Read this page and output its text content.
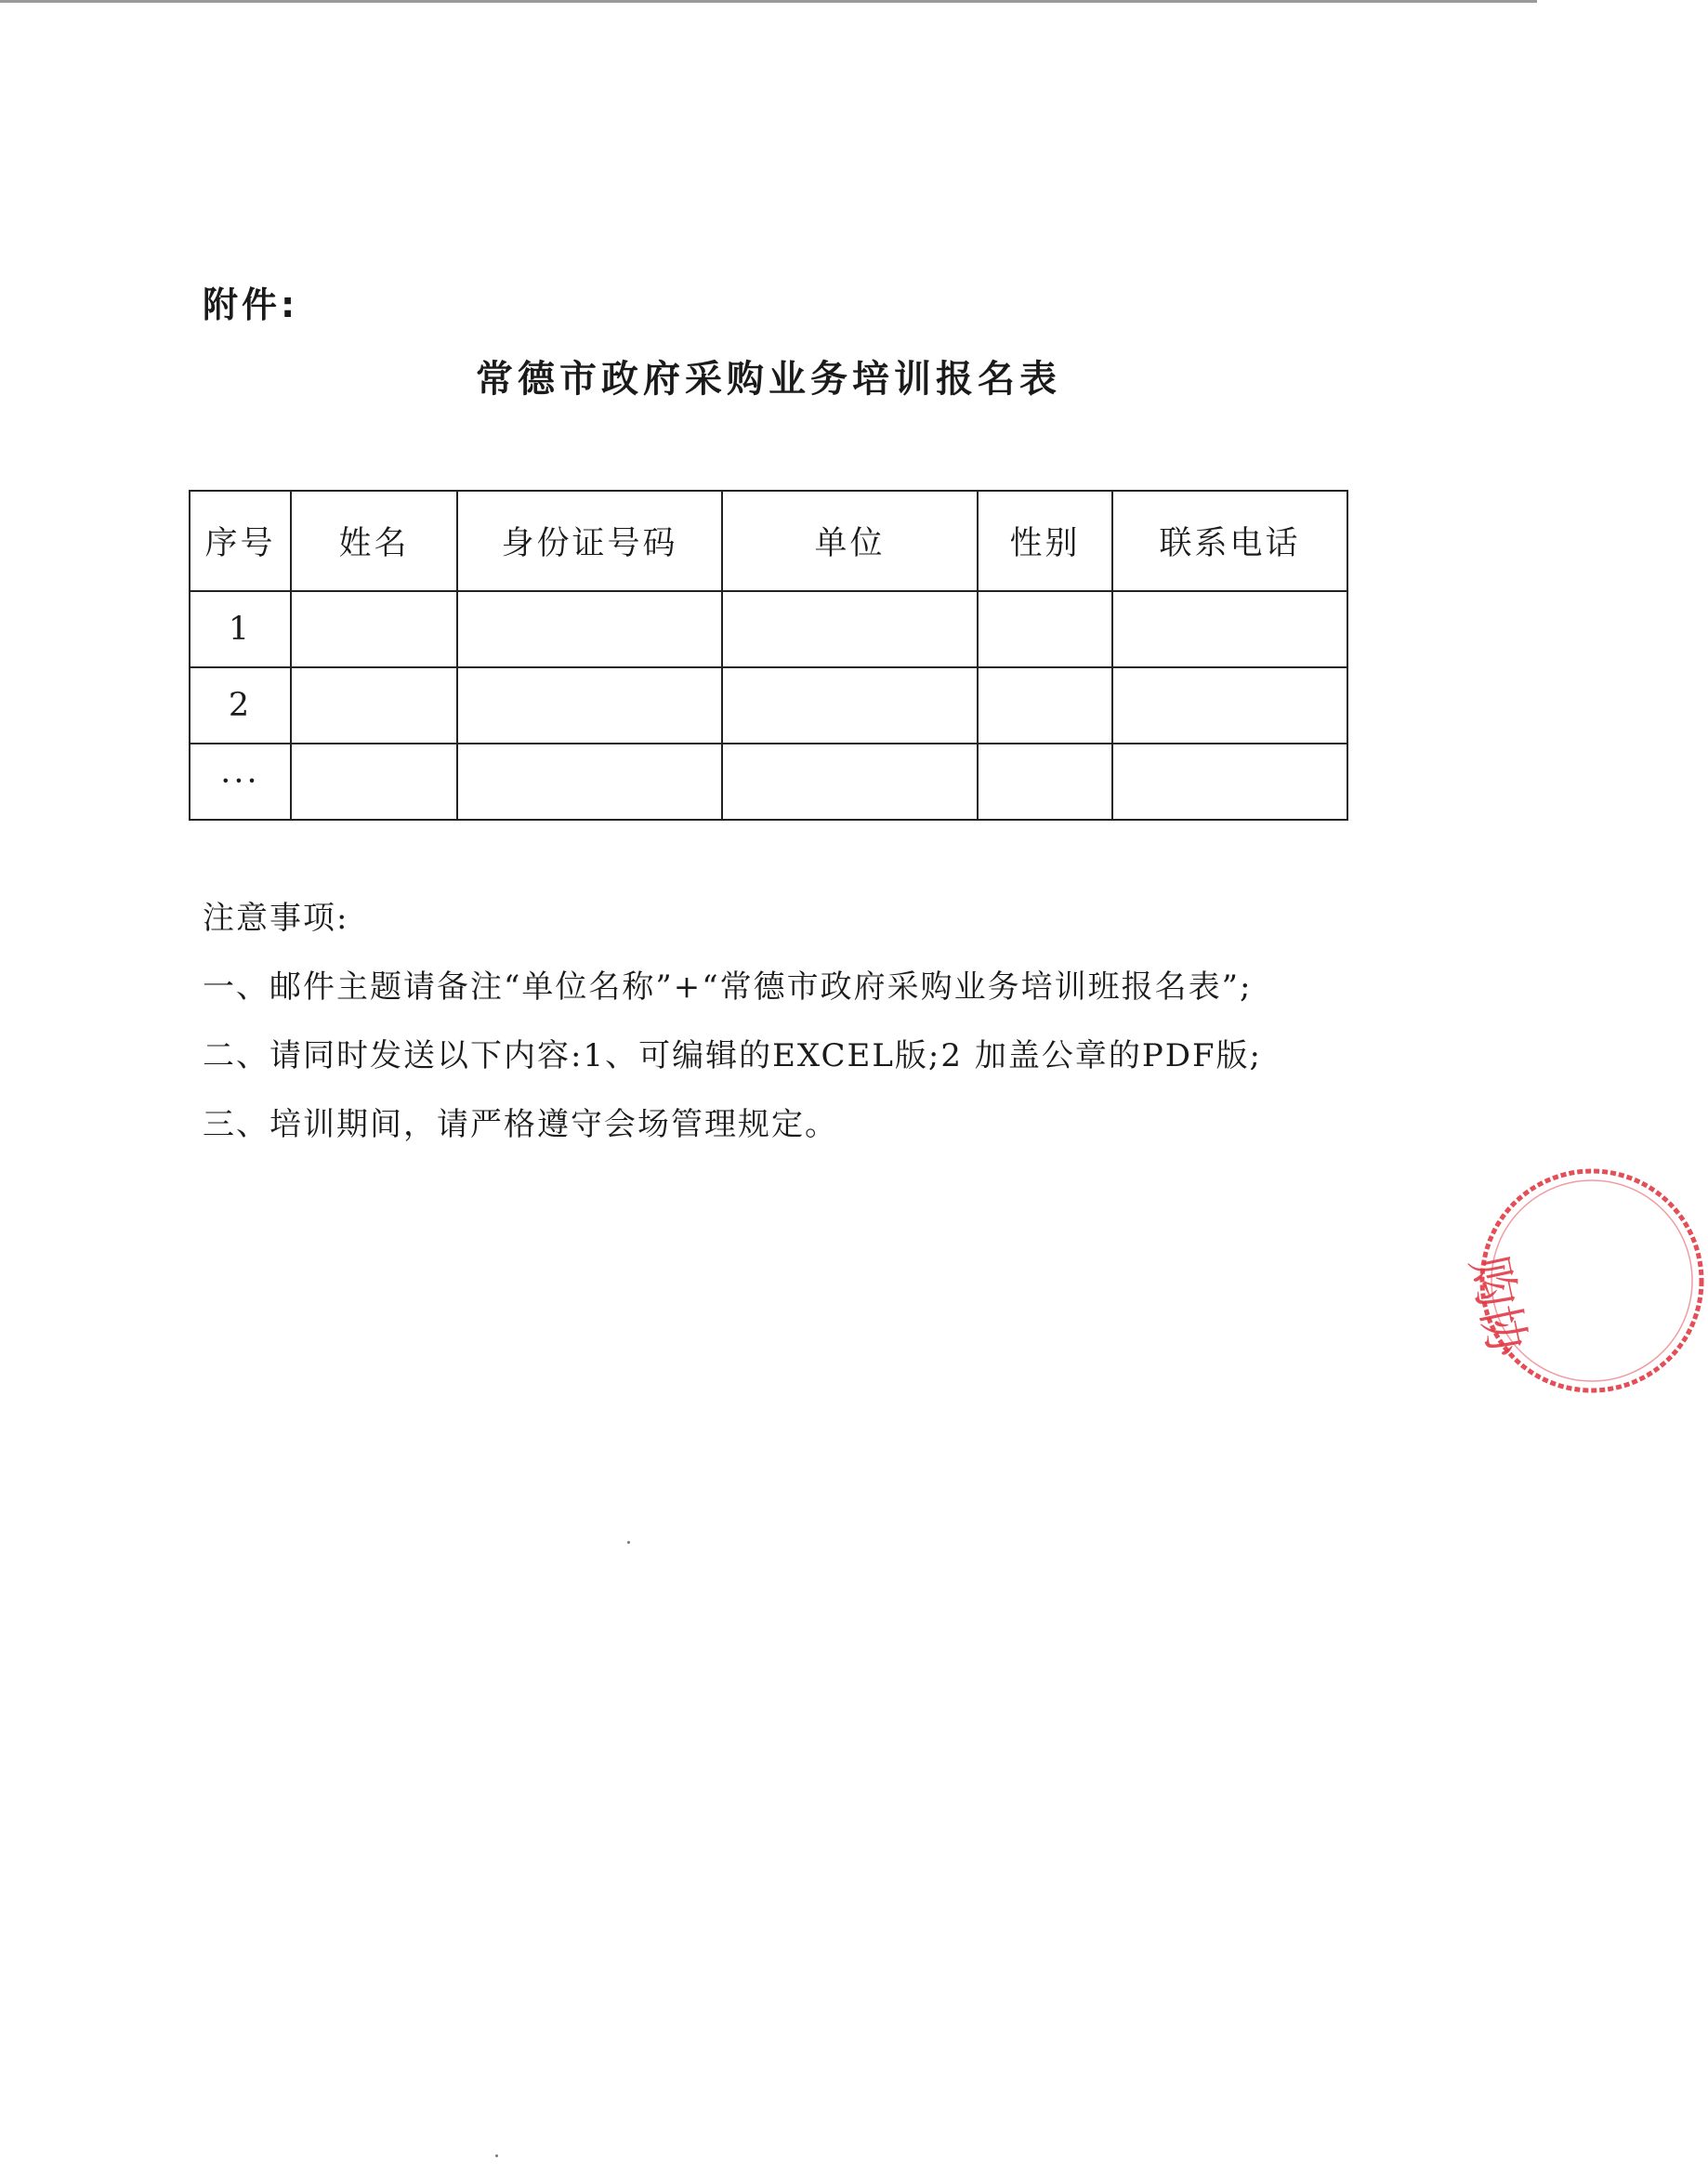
附件:
常德市政府采购业务培训报名表
序号	姓名	身份证号码	单位	性别	联系电话
1					
2					
···					
注意事项:
一、邮件主题请备注“单位名称”+“常德市政府采购业务培训班报名表”;
二、请同时发送以下内容:1、可编辑的EXCEL版;2 加盖公章的PDF版;
三、培训期间，请严格遵守会场管理规定。
购协
